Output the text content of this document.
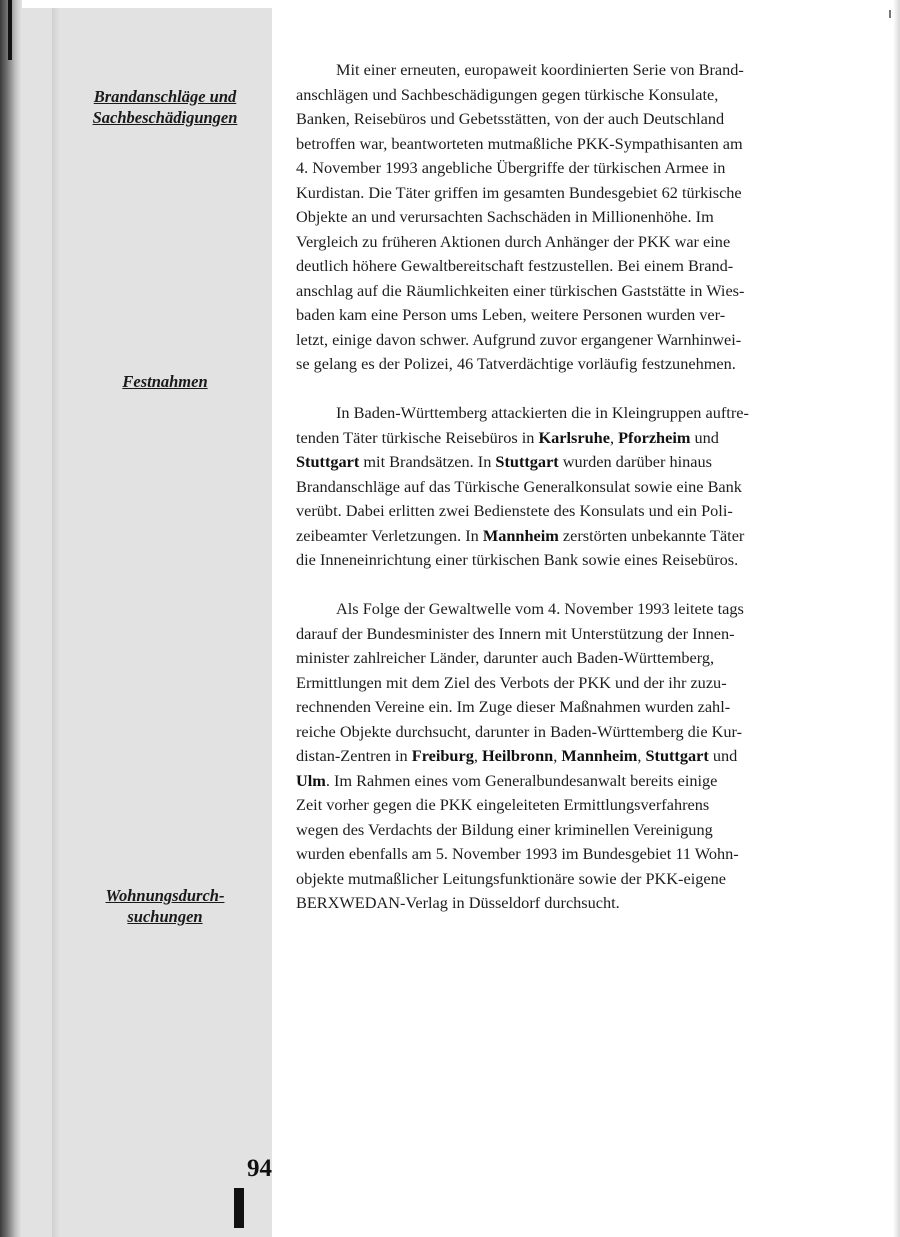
Brandanschläge und
Sachbeschädigungen
Festnahmen
Wohnungsdurch-
suchungen
94

Mit einer erneuten, europaweit koordinierten Serie von Brand-
anschlägen und Sachbeschädigungen gegen türkische Konsulate,
Banken, Reisebüros und Gebetsstätten, von der auch Deutschland
betroffen war, beantworteten mutmaßliche PKK-Sympathisanten am
4. November 1993 angebliche Übergriffe der türkischen Armee in
Kurdistan. Die Täter griffen im gesamten Bundesgebiet 62 türkische
Objekte an und verursachten Sachschäden in Millionenhöhe. Im
Vergleich zu früheren Aktionen durch Anhänger der PKK war eine
deutlich höhere Gewaltbereitschaft festzustellen. Bei einem Brand-
anschlag auf die Räumlichkeiten einer türkischen Gaststätte in Wies-
baden kam eine Person ums Leben, weitere Personen wurden ver-
letzt, einige davon schwer. Aufgrund zuvor ergangener Warnhinwei-
se gelang es der Polizei, 46 Tatverdächtige vorläufig festzunehmen.

In Baden-Württemberg attackierten die in Kleingruppen auftre-
tenden Täter türkische Reisebüros in Karlsruhe, Pforzheim und
Stuttgart mit Brandsätzen. In Stuttgart wurden darüber hinaus
Brandanschläge auf das Türkische Generalkonsulat sowie eine Bank
verübt. Dabei erlitten zwei Bedienstete des Konsulats und ein Poli-
zeibeamter Verletzungen. In Mannheim zerstörten unbekannte Täter
die Inneneinrichtung einer türkischen Bank sowie eines Reisebüros.

Als Folge der Gewaltwelle vom 4. November 1993 leitete tags
darauf der Bundesminister des Innern mit Unterstützung der Innen-
minister zahlreicher Länder, darunter auch Baden-Württemberg,
Ermittlungen mit dem Ziel des Verbots der PKK und der ihr zuzu-
rechnenden Vereine ein. Im Zuge dieser Maßnahmen wurden zahl-
reiche Objekte durchsucht, darunter in Baden-Württemberg die Kur-
distan-Zentren in Freiburg, Heilbronn, Mannheim, Stuttgart und
Ulm. Im Rahmen eines vom Generalbundesanwalt bereits einige
Zeit vorher gegen die PKK eingeleiteten Ermittlungsverfahrens
wegen des Verdachts der Bildung einer kriminellen Vereinigung
wurden ebenfalls am 5. November 1993 im Bundesgebiet 11 Wohn-
objekte mutmaßlicher Leitungsfunktionäre sowie der PKK-eigene
BERXWEDAN-Verlag in Düsseldorf durchsucht.
